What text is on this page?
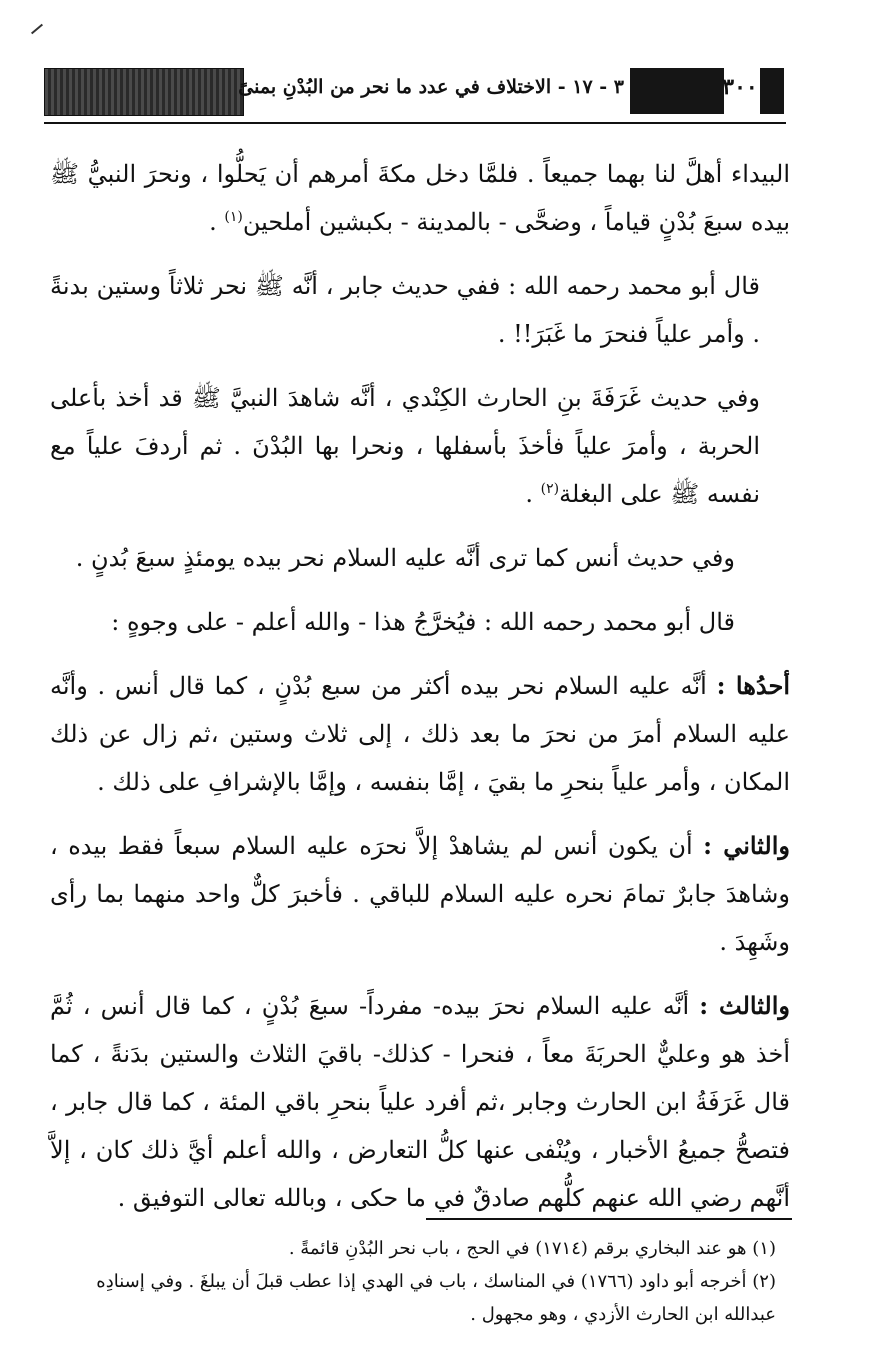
٣ - ١٧ - الاختلاف في عدد ما نحر من البُدْنِ بمنىً	٣٠٠

البيداء أهلَّ لنا بهما جميعاً . فلمَّا دخل مكةَ أمرهم أن يَحلُّوا ، ونحرَ النبيُّ ﷺ بيده سبعَ بُدْنٍ قياماً ، وضحَّى - بالمدينة - بكبشين أملحين$^{(١)}$ .

قال أبو محمد رحمه الله : ففي حديث جابر ، أنَّه ﷺ نحر ثلاثاً وستين بدنةً . وأمر علياً فنحرَ ما غَبَرَ!! .

وفي حديث غَرَفَةَ بنِ الحارث الكِنْدي ، أنَّه شاهدَ النبيَّ ﷺ قد أخذ بأعلى الحربة ، وأمرَ علياً فأخذَ بأسفلها ، ونحرا بها البُدْنَ . ثم أردفَ علياً مع نفسه ﷺ على البغلة$^{(٢)}$ .

وفي حديث أنس كما ترى أنَّه عليه السلام نحر بيده يومئذٍ سبعَ بُدنٍ .

قال أبو محمد رحمه الله : فيُخرَّجُ هذا - والله أعلم - على وجوهٍ :

أحدُها : أنَّه عليه السلام نحر بيده أكثر من سبع بُدْنٍ ، كما قال أنس . وأنَّه عليه السلام أمرَ من نحرَ ما بعد ذلك ، إلى ثلاث وستين ،ثم زال عن ذلك المكان ، وأمر علياً بنحرِ ما بقيَ ، إمَّا بنفسه ، وإمَّا بالإشرافِ على ذلك .

والثاني : أن يكون أنس لم يشاهدْ إلاَّ نحرَه عليه السلام سبعاً فقط بيده ، وشاهدَ جابرٌ تمامَ نحره عليه السلام للباقي . فأخبرَ كلٌّ واحد منهما بما رأى وشَهِدَ .

والثالث : أنَّه عليه السلام نحرَ بيده- مفرداً- سبعَ بُدْنٍ ، كما قال أنس ، ثُمَّ أخذ هو وعليٌّ الحربَةَ معاً ، فنحرا - كذلك- باقيَ الثلاث والستين بدَنةً ، كما قال غَرَفَةُ ابن الحارث وجابر ،ثم أفرد علياً بنحرِ باقي المئة ، كما قال جابر ، فتصحُّ جميعُ الأخبار ، ويُنْفى عنها كلُّ التعارض ، والله أعلم أيَّ ذلك كان ، إلاَّ أنَّهم رضي الله عنهم كلُّهم صادقٌ في ما حكى ، وبالله تعالى التوفيق .

(١) هو عند البخاري برقم (١٧١٤) في الحج ، باب نحر البُدْنِ قائمةً .

(٢) أخرجه أبو داود (١٧٦٦) في المناسك ، باب في الهدي إذا عطب قبلَ أن يبلغَ . وفي إسنادِه عبدالله ابن الحارث الأزدي ، وهو مجهول .
